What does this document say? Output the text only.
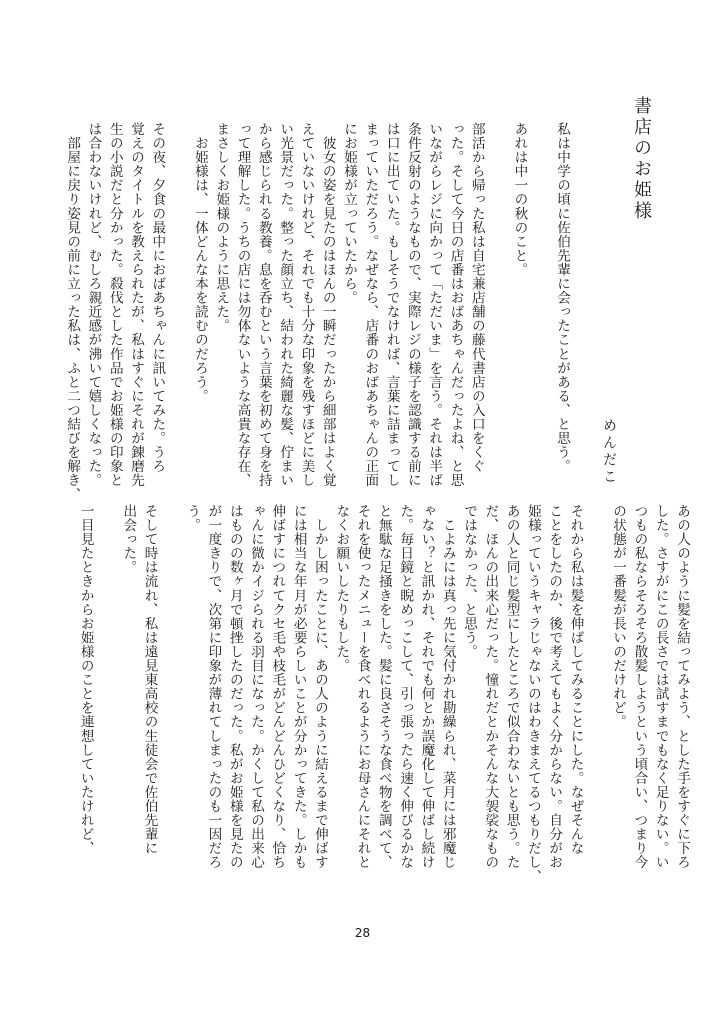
書店のお姫様
めんだこ
私は中学の頃に佐伯先輩に会ったことがある、と思う。

あれは中一の秋のこと。

部活から帰った私は自宅兼店舗の藤代書店の入口をくぐ
った。そして今日の店番はおばあちゃんだったよね、と思
いながらレジに向かって「ただいま」を言う。それは半ば
条件反射のようなもので、実際レジの様子を認識する前に
は口に出ていた。もしそうでなければ、言葉に詰まってし
まっていただろう。なぜなら、店番のおばあちゃんの正面
にお姫様が立っていたから。
　彼女の姿を見たのはほんの一瞬だったから細部はよく覚
えていないけれど、それでも十分な印象を残すほどに美し
い光景だった。整った顔立ち、結われた綺麗な髪、佇まい
から感じられる教養。息を呑むという言葉を初めて身を持
って理解した。うちの店には勿体ないような高貴な存在、
まさしくお姫様のように思えた。
　お姫様は、一体どんな本を読むのだろう。

その夜、夕食の最中におばあちゃんに訊いてみた。うろ
覚えのタイトルを教えられたが、私はすぐにそれが錬磨先
生の小説だと分かった。殺伐とした作品でお姫様の印象と
は合わないけれど、むしろ親近感が沸いて嬉しくなった。
　部屋に戻り姿見の前に立った私は、ふと二つ結びを解き、
あの人のように髪を結ってみよう、とした手をすぐに下ろ
した。さすがにこの長さでは試すまでもなく足りない。い
つもの私ならそろそろ散髪しようという頃合い、つまり今
の状態が一番髪が長いのだけれど。

それから私は髪を伸ばしてみることにした。なぜそんな
ことをしたのか、後で考えてもよく分からない。自分がお
姫様っていうキャラじゃないのはわきまえてるつもりだし、
あの人と同じ髪型にしたところで似合わないとも思う。た
だ、ほんの出来心だった。憧れだとかそんな大袈裟なもの
ではなかった、と思う。
　こよみには真っ先に気付かれ勘繰られ、菜月には邪魔じ
ゃない？と訊かれ、それでも何とか誤魔化して伸ばし続け
た。毎日鏡と睨めっこして、引っ張ったら速く伸びるかな
と無駄な足掻きをした。髪に良さそうな食べ物を調べて、
それを使ったメニューを食べれるようにお母さんにそれと
なくお願いしたりもした。
　しかし困ったことに、あの人のように結えるまで伸ばす
には相当な年月が必要らしいことが分かってきた。しかも
伸ばすにつれてクセ毛や枝毛がどんどんひどくなり、恰ち
ゃんに微かイジられる羽目になった。かくして私の出来心
はものの数ヶ月で頓挫したのだった。私がお姫様を見たの
が一度きりで、次第に印象が薄れてしまったのも一因だろ
う。

そして時は流れ、私は遠見東高校の生徒会で佐伯先輩に
出会った。

一目見たときからお姫様のことを連想していたけれど、
28
